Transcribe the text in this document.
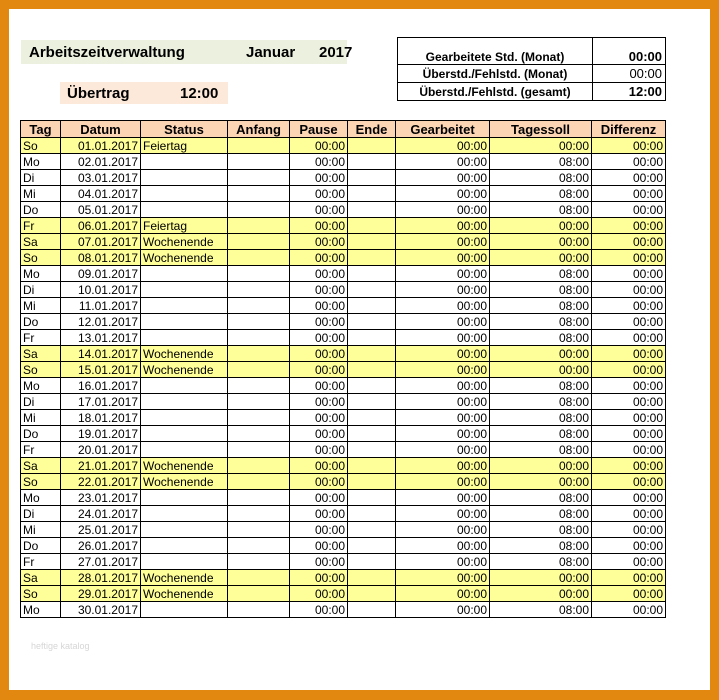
Arbeitszeitverwaltung	Januar 2017
Übertrag	12:00
Gearbeitete Std. (Monat)	00:00
Überstd./Fehlstd. (Monat)	00:00
Überstd./Fehlstd. (gesamt)	12:00
Tag	Datum	Status	Anfang	Pause	Ende	Gearbeitet	Tagessoll	Differenz
So	01.01.2017	Feiertag		00:00		00:00	00:00	00:00
Mo	02.01.2017			00:00		00:00	08:00	00:00
Di	03.01.2017			00:00		00:00	08:00	00:00
Mi	04.01.2017			00:00		00:00	08:00	00:00
Do	05.01.2017			00:00		00:00	08:00	00:00
Fr	06.01.2017	Feiertag		00:00		00:00	00:00	00:00
Sa	07.01.2017	Wochenende		00:00		00:00	00:00	00:00
So	08.01.2017	Wochenende		00:00		00:00	00:00	00:00
Mo	09.01.2017			00:00		00:00	08:00	00:00
Di	10.01.2017			00:00		00:00	08:00	00:00
Mi	11.01.2017			00:00		00:00	08:00	00:00
Do	12.01.2017			00:00		00:00	08:00	00:00
Fr	13.01.2017			00:00		00:00	08:00	00:00
Sa	14.01.2017	Wochenende		00:00		00:00	00:00	00:00
So	15.01.2017	Wochenende		00:00		00:00	00:00	00:00
Mo	16.01.2017			00:00		00:00	08:00	00:00
Di	17.01.2017			00:00		00:00	08:00	00:00
Mi	18.01.2017			00:00		00:00	08:00	00:00
Do	19.01.2017			00:00		00:00	08:00	00:00
Fr	20.01.2017			00:00		00:00	08:00	00:00
Sa	21.01.2017	Wochenende		00:00		00:00	00:00	00:00
So	22.01.2017	Wochenende		00:00		00:00	00:00	00:00
Mo	23.01.2017			00:00		00:00	08:00	00:00
Di	24.01.2017			00:00		00:00	08:00	00:00
Mi	25.01.2017			00:00		00:00	08:00	00:00
Do	26.01.2017			00:00		00:00	08:00	00:00
Fr	27.01.2017			00:00		00:00	08:00	00:00
Sa	28.01.2017	Wochenende		00:00		00:00	00:00	00:00
So	29.01.2017	Wochenende		00:00		00:00	00:00	00:00
Mo	30.01.2017			00:00		00:00	08:00	00:00
heftige katalog
